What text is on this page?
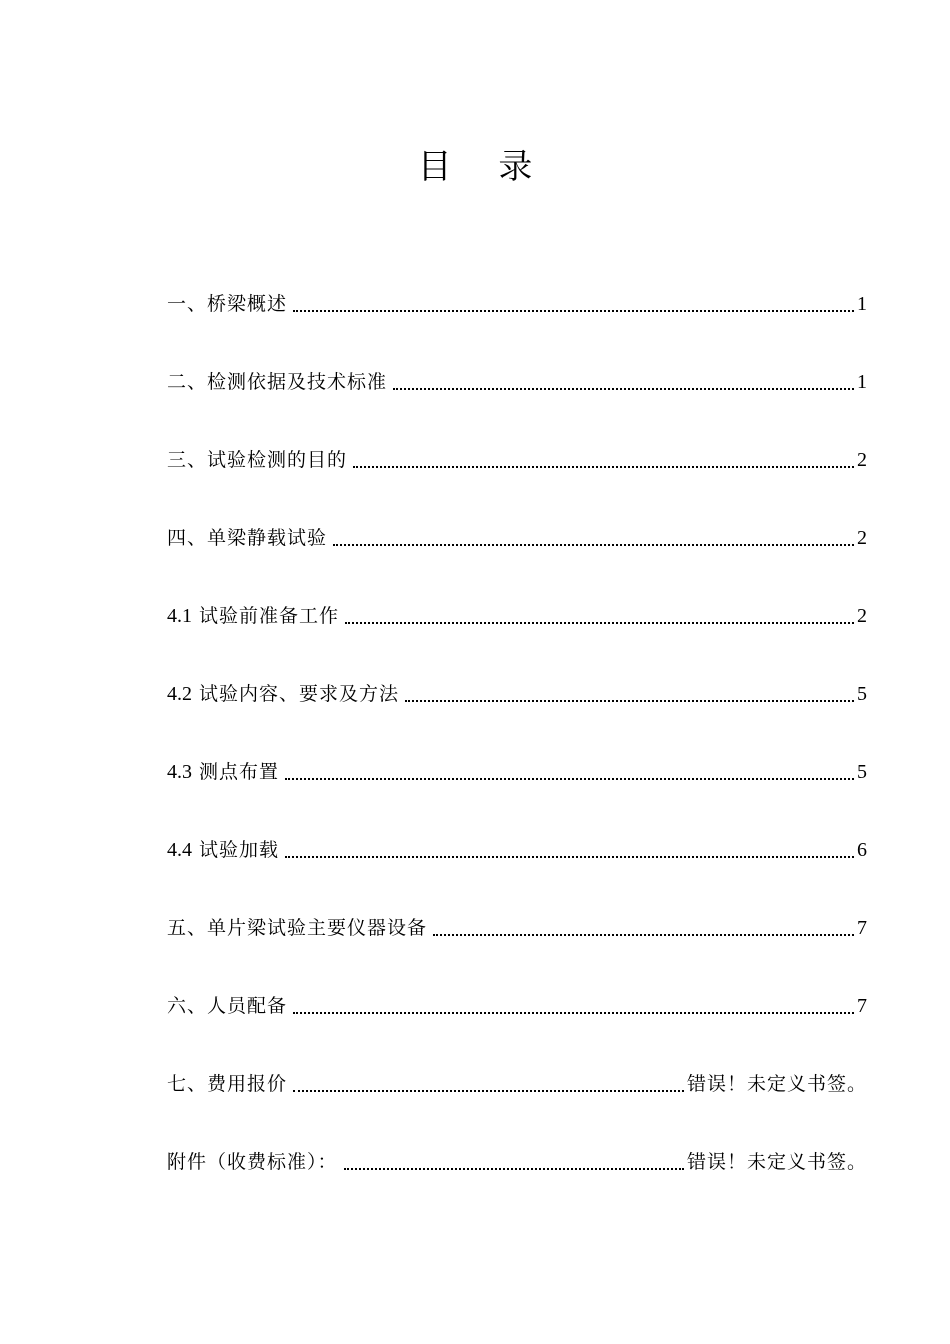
目 录
一、桥梁概述	1
二、检测依据及技术标准	1
三、试验检测的目的	2
四、单梁静载试验	2
4.1 试验前准备工作	2
4.2 试验内容、要求及方法	5
4.3 测点布置	5
4.4 试验加载	6
五、单片梁试验主要仪器设备	7
六、人员配备	7
七、费用报价	错误！未定义书签。
附件（收费标准）：	错误！未定义书签。
